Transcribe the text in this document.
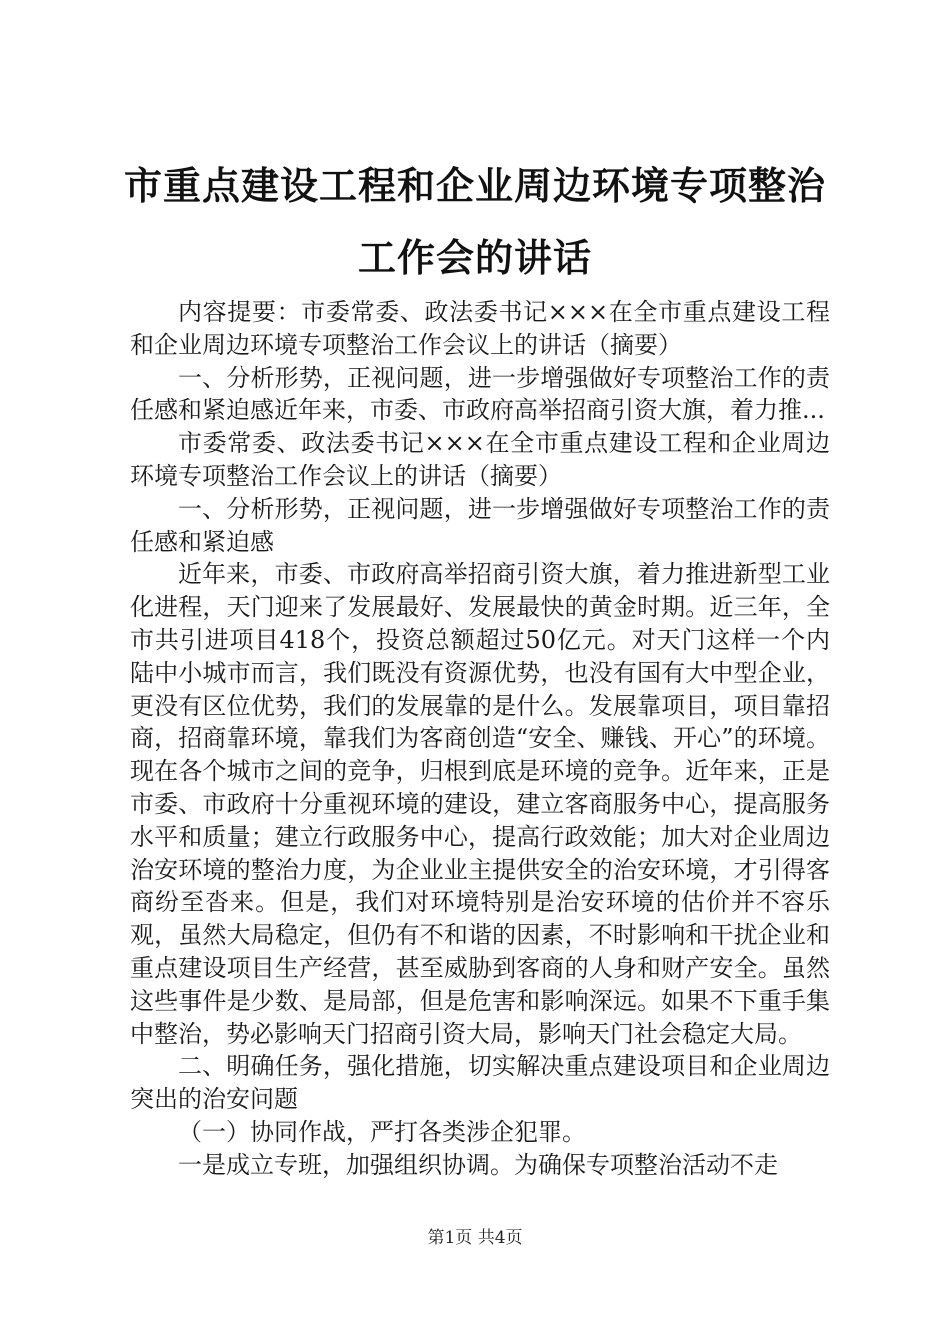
市重点建设工程和企业周边环境专项整治工作会的讲话

内容提要：市委常委、政法委书记×××在全市重点建设工程和企业周边环境专项整治工作会议上的讲话（摘要）

一、分析形势，正视问题，进一步增强做好专项整治工作的责任感和紧迫感近年来，市委、市政府高举招商引资大旗，着力推...

市委常委、政法委书记×××在全市重点建设工程和企业周边环境专项整治工作会议上的讲话（摘要）

一、分析形势，正视问题，进一步增强做好专项整治工作的责任感和紧迫感

近年来，市委、市政府高举招商引资大旗，着力推进新型工业化进程，天门迎来了发展最好、发展最快的黄金时期。近三年，全市共引进项目418个，投资总额超过50亿元。对天门这样一个内陆中小城市而言，我们既没有资源优势，也没有国有大中型企业，更没有区位优势，我们的发展靠的是什么。发展靠项目，项目靠招商，招商靠环境，靠我们为客商创造“安全、赚钱、开心”的环境。现在各个城市之间的竞争，归根到底是环境的竞争。近年来，正是市委、市政府十分重视环境的建设，建立客商服务中心，提高服务水平和质量；建立行政服务中心，提高行政效能；加大对企业周边治安环境的整治力度，为企业业主提供安全的治安环境，才引得客商纷至沓来。但是，我们对环境特别是治安环境的估价并不容乐观，虽然大局稳定，但仍有不和谐的因素，不时影响和干扰企业和重点建设项目生产经营，甚至威胁到客商的人身和财产安全。虽然这些事件是少数、是局部，但是危害和影响深远。如果不下重手集中整治，势必影响天门招商引资大局，影响天门社会稳定大局。

二、明确任务，强化措施，切实解决重点建设项目和企业周边突出的治安问题

（一）协同作战，严打各类涉企犯罪。

一是成立专班，加强组织协调。为确保专项整治活动不走

第1页 共4页
